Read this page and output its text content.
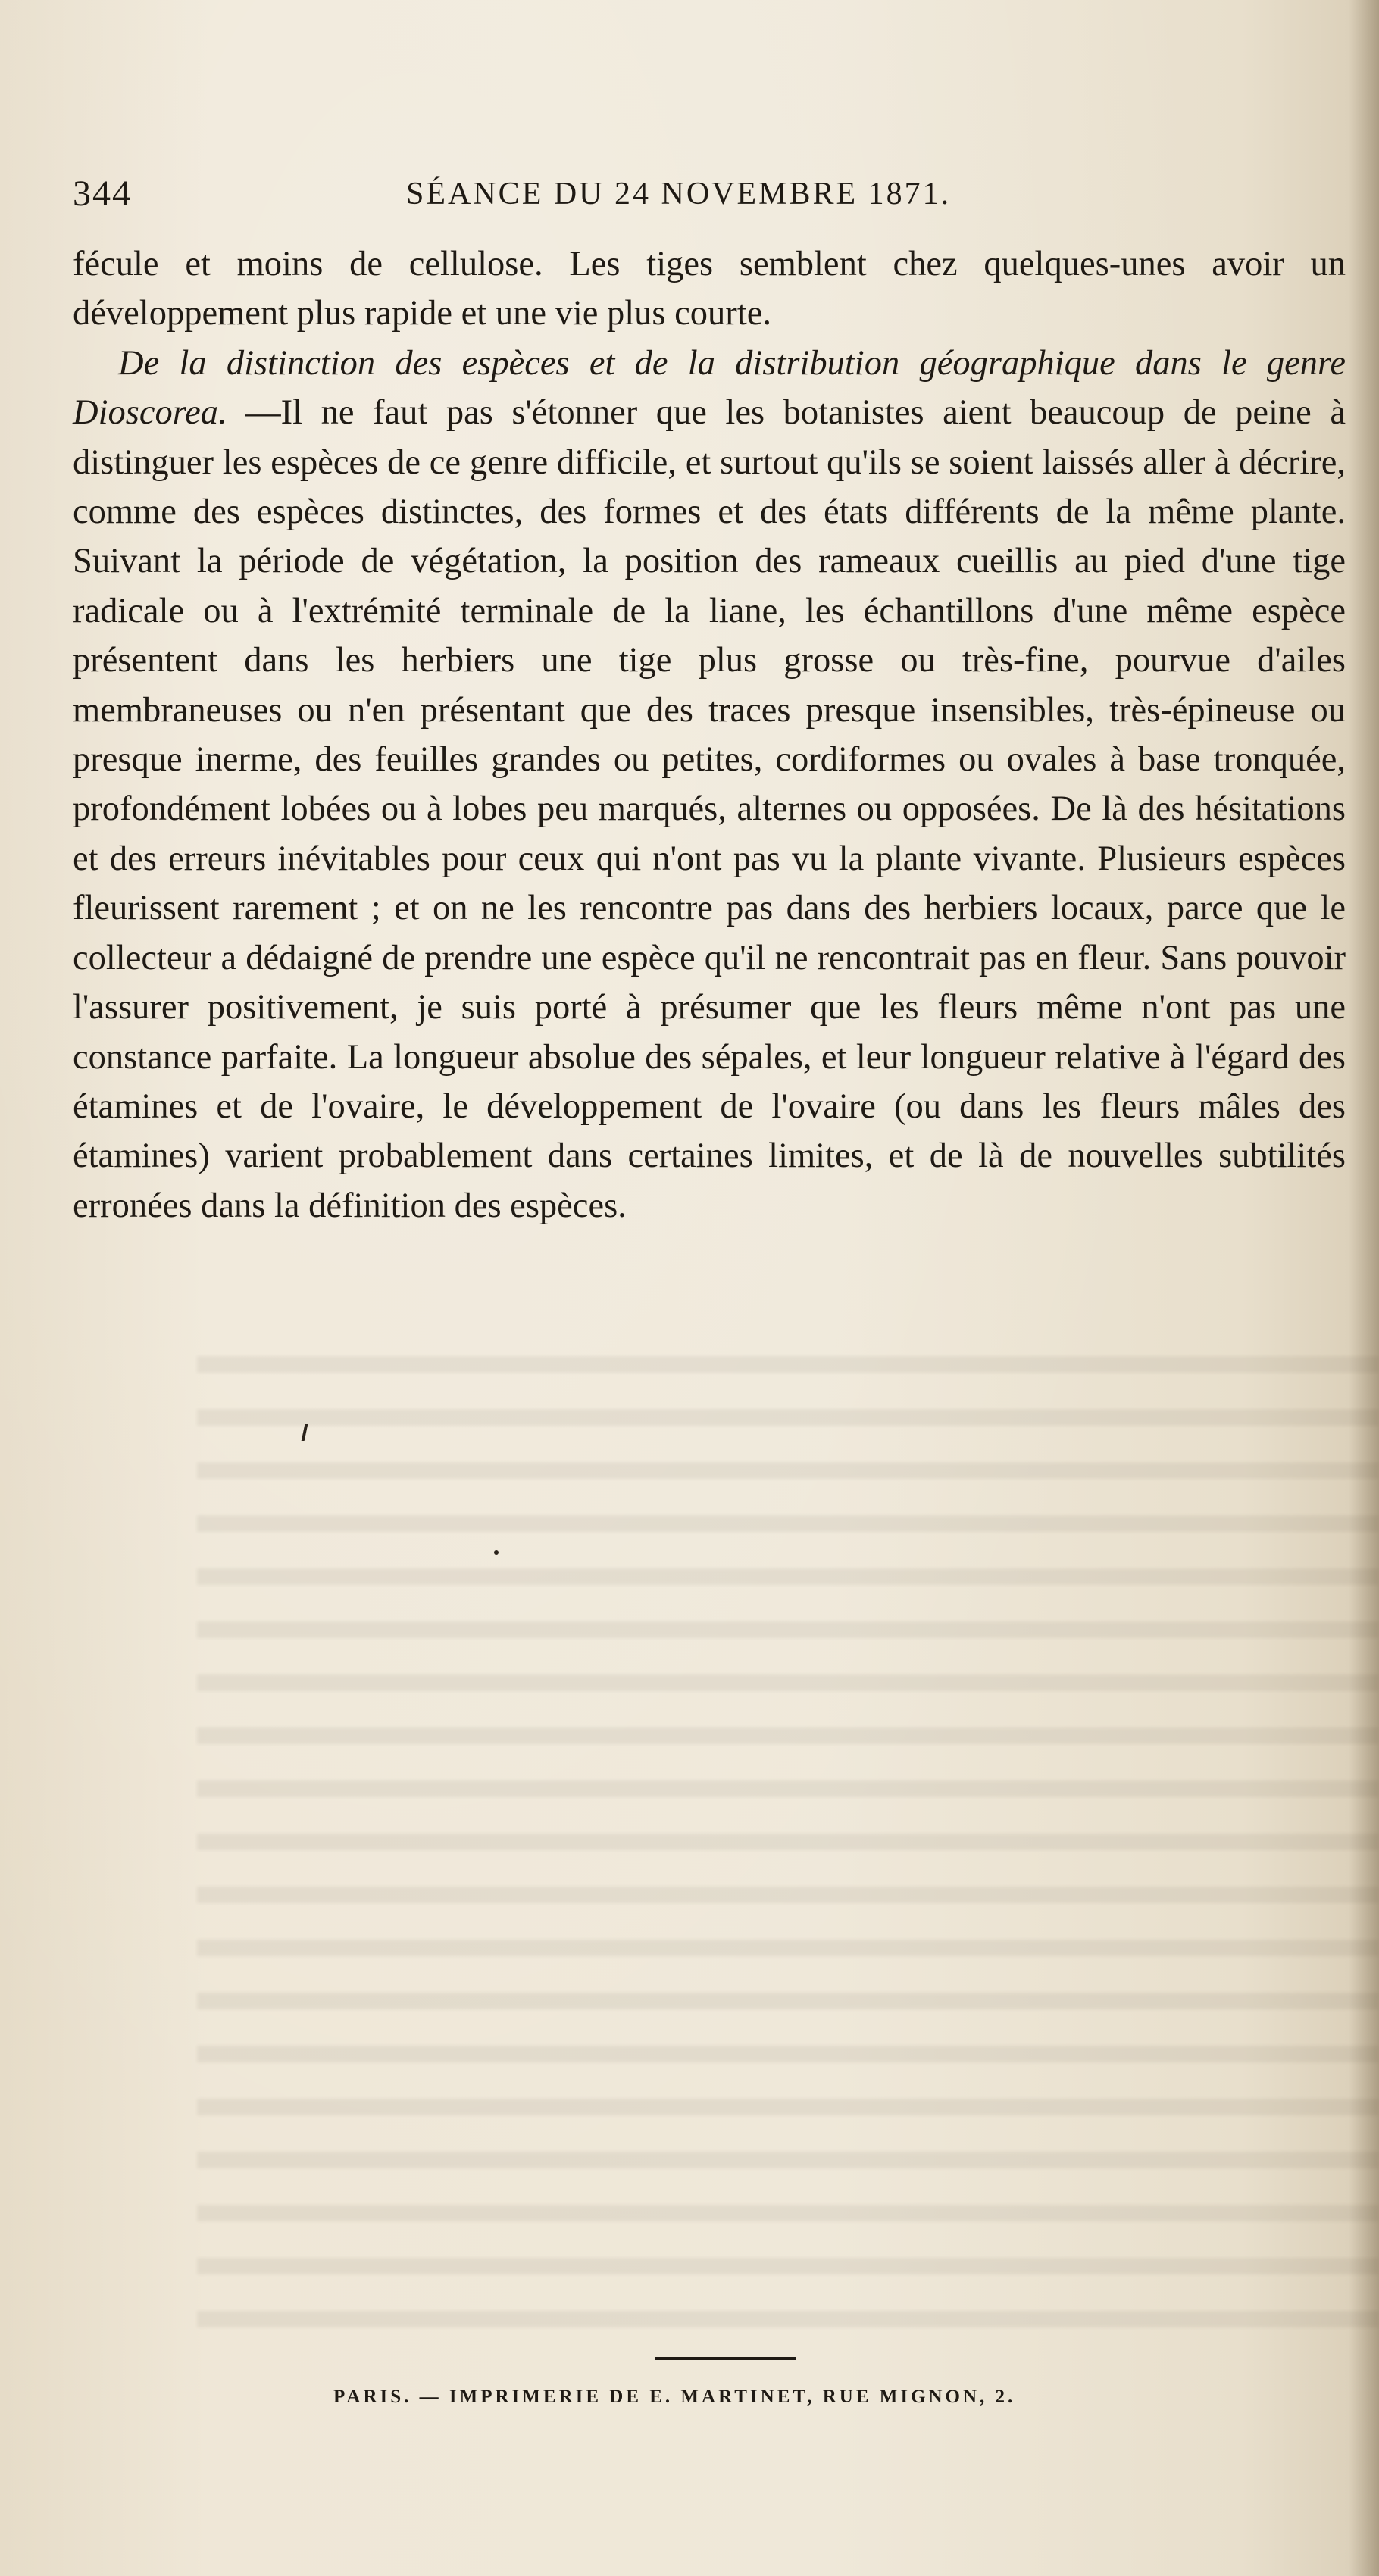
344	SÉANCE DU 24 NOVEMBRE 1871.

fécule et moins de cellulose. Les tiges semblent chez quelques-unes avoir un développement plus rapide et une vie plus courte.

De la distinction des espèces et de la distribution géographique dans le genre Dioscorea. —Il ne faut pas s'étonner que les botanistes aient beaucoup de peine à distinguer les espèces de ce genre difficile, et surtout qu'ils se soient laissés aller à décrire, comme des espèces distinctes, des formes et des états différents de la même plante. Suivant la période de végétation, la position des rameaux cueillis au pied d'une tige radicale ou à l'extrémité terminale de la liane, les échantillons d'une même espèce présentent dans les herbiers une tige plus grosse ou très-fine, pourvue d'ailes membraneuses ou n'en présentant que des traces presque insensibles, très-épineuse ou presque inerme, des feuilles grandes ou petites, cordiformes ou ovales à base tronquée, profondément lobées ou à lobes peu marqués, alternes ou opposées. De là des hésitations et des erreurs inévitables pour ceux qui n'ont pas vu la plante vivante. Plusieurs espèces fleurissent rarement ; et on ne les rencontre pas dans des herbiers locaux, parce que le collecteur a dédaigné de prendre une espèce qu'il ne rencontrait pas en fleur. Sans pouvoir l'assurer positivement, je suis porté à présumer que les fleurs même n'ont pas une constance parfaite. La longueur absolue des sépales, et leur longueur relative à l'égard des étamines et de l'ovaire, le développement de l'ovaire (ou dans les fleurs mâles des étamines) varient probablement dans certaines limites, et de là de nouvelles subtilités erronées dans la définition des espèces.

PARIS. — IMPRIMERIE DE E. MARTINET, RUE MIGNON, 2.
